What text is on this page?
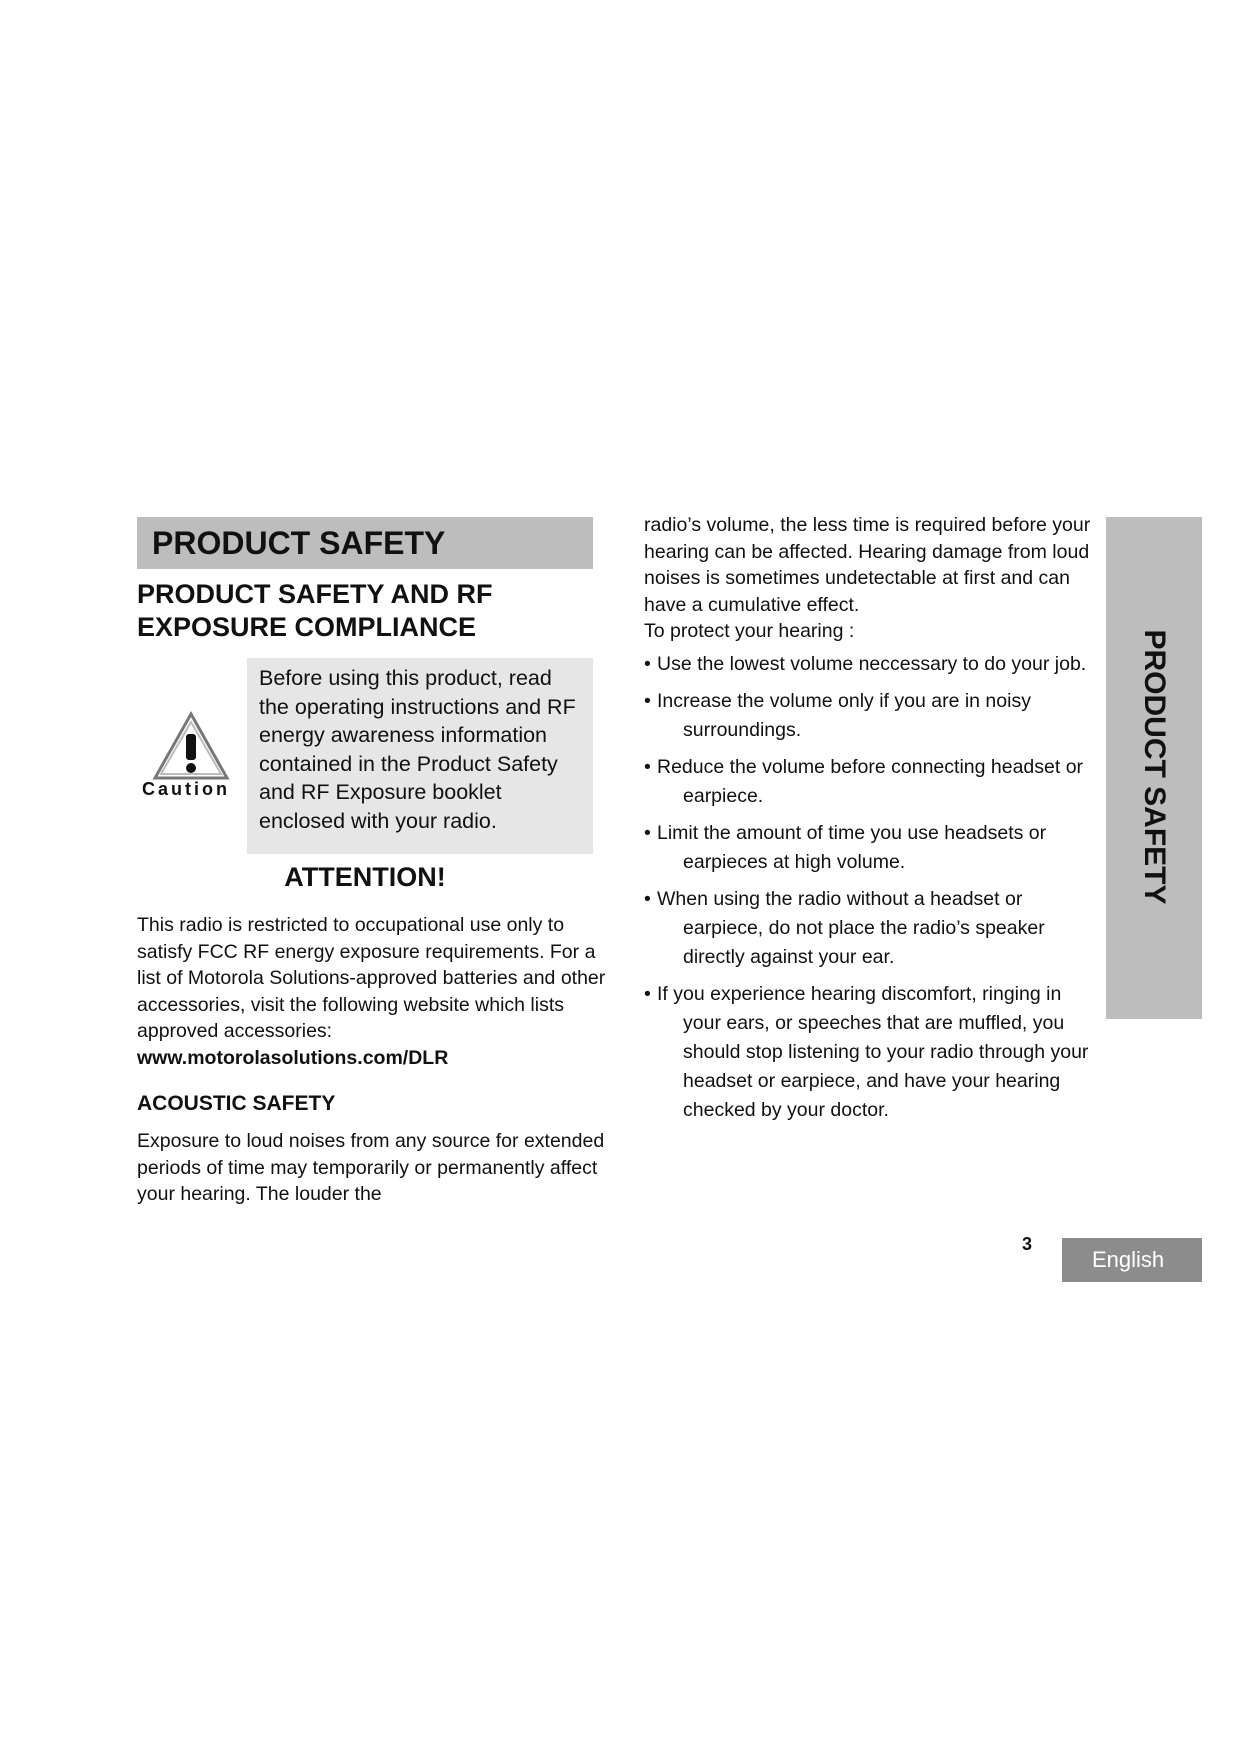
PRODUCT SAFETY
PRODUCT SAFETY AND RF
EXPOSURE COMPLIANCE
Caution
Before using this product, read the operating instructions and RF energy awareness information contained in the Product Safety and RF Exposure booklet enclosed with your radio.
ATTENTION!
This radio is restricted to occupational use only to satisfy FCC RF energy exposure requirements. For a list of Motorola Solutions-approved batteries and other accessories, visit the following website which lists approved accessories:
www.motorolasolutions.com/DLR
ACOUSTIC SAFETY
Exposure to loud noises from any source for extended periods of time may temporarily or permanently affect your hearing. The louder the
radio’s volume, the less time is required before your hearing can be affected. Hearing damage from loud noises is sometimes undetectable at first and can have a cumulative effect.
To protect your hearing :
• Use the lowest volume neccessary to do your job.
• Increase the volume only if you are in noisy surroundings.
• Reduce the volume before connecting headset or earpiece.
• Limit the amount of time you use headsets or earpieces at high volume.
• When using the radio without a headset or earpiece, do not place the radio’s speaker directly against your ear.
• If you experience hearing discomfort, ringing in your ears, or speeches that are muffled, you should stop listening to your radio through your headset or earpiece, and have your hearing checked by your doctor.
PRODUCT SAFETY
3
English
